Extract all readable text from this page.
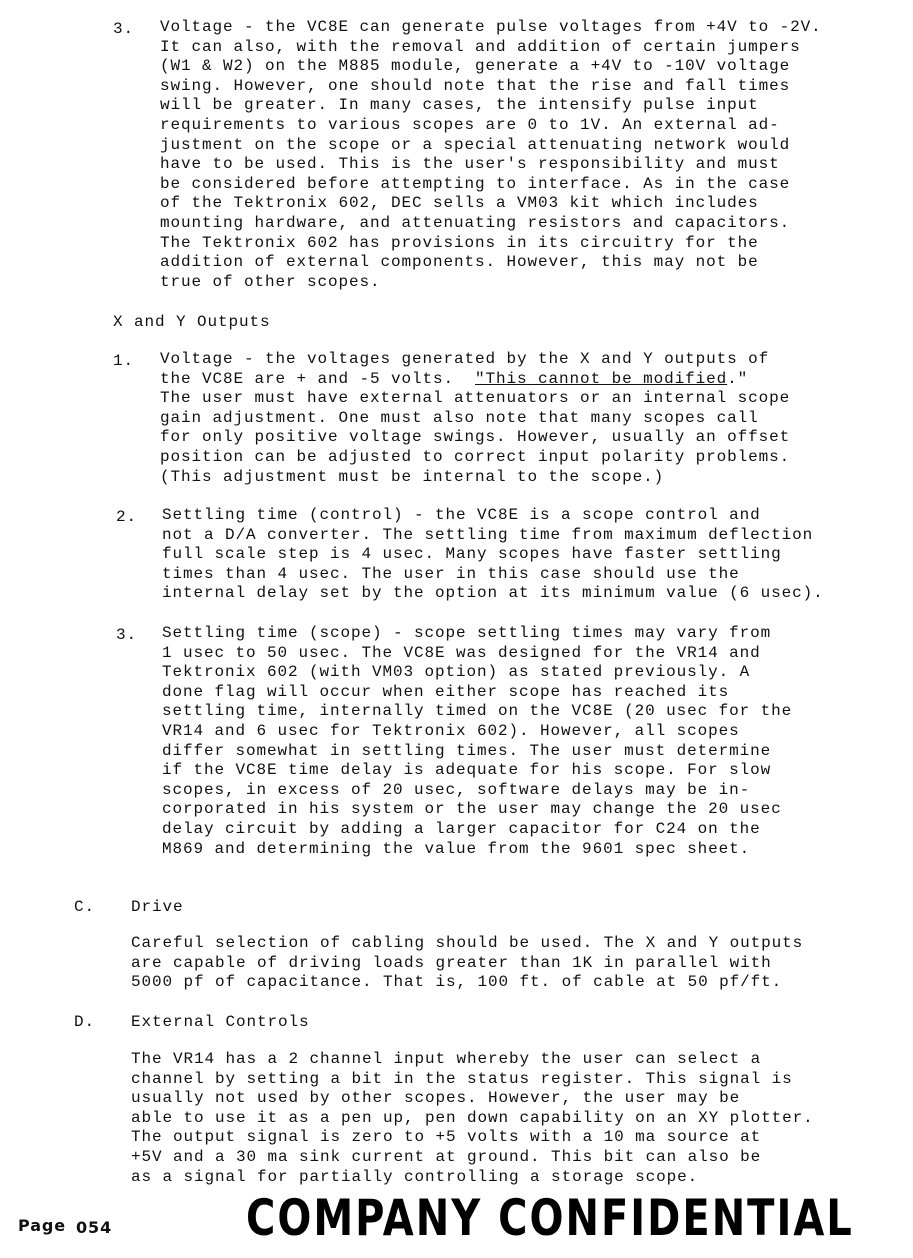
3. Voltage - the VC8E can generate pulse voltages from +4V to -2V.
It can also, with the removal and addition of certain jumpers
(W1 & W2) on the M885 module, generate a +4V to -10V voltage
swing. However, one should note that the rise and fall times
will be greater. In many cases, the intensify pulse input
requirements to various scopes are 0 to 1V. An external ad-
justment on the scope or a special attenuating network would
have to be used. This is the user's responsibility and must
be considered before attempting to interface. As in the case
of the Tektronix 602, DEC sells a VM03 kit which includes
mounting hardware, and attenuating resistors and capacitors.
The Tektronix 602 has provisions in its circuitry for the
addition of external components. However, this may not be
true of other scopes.
X and Y Outputs
1. Voltage - the voltages generated by the X and Y outputs of
the VC8E are + and -5 volts.  "This cannot be modified."
The user must have external attenuators or an internal scope
gain adjustment. One must also note that many scopes call
for only positive voltage swings. However, usually an offset
position can be adjusted to correct input polarity problems.
(This adjustment must be internal to the scope.)
2. Settling time (control) - the VC8E is a scope control and
not a D/A converter. The settling time from maximum deflection
full scale step is 4 usec. Many scopes have faster settling
times than 4 usec. The user in this case should use the
internal delay set by the option at its minimum value (6 usec).
3. Settling time (scope) - scope settling times may vary from
1 usec to 50 usec. The VC8E was designed for the VR14 and
Tektronix 602 (with VM03 option) as stated previously. A
done flag will occur when either scope has reached its
settling time, internally timed on the VC8E (20 usec for the
VR14 and 6 usec for Tektronix 602). However, all scopes
differ somewhat in settling times. The user must determine
if the VC8E time delay is adequate for his scope. For slow
scopes, in excess of 20 usec, software delays may be in-
corporated in his system or the user may change the 20 usec
delay circuit by adding a larger capacitor for C24 on the
M869 and determining the value from the 9601 spec sheet.
C. Drive
Careful selection of cabling should be used. The X and Y outputs
are capable of driving loads greater than 1K in parallel with
5000 pf of capacitance. That is, 100 ft. of cable at 50 pf/ft.
D. External Controls
The VR14 has a 2 channel input whereby the user can select a
channel by setting a bit in the status register. This signal is
usually not used by other scopes. However, the user may be
able to use it as a pen up, pen down capability on an XY plotter.
The output signal is zero to +5 volts with a 10 ma source at
+5V and a 30 ma sink current at ground. This bit can also be
as a signal for partially controlling a storage scope.
Page 054	COMPANY CONFIDENTIAL
